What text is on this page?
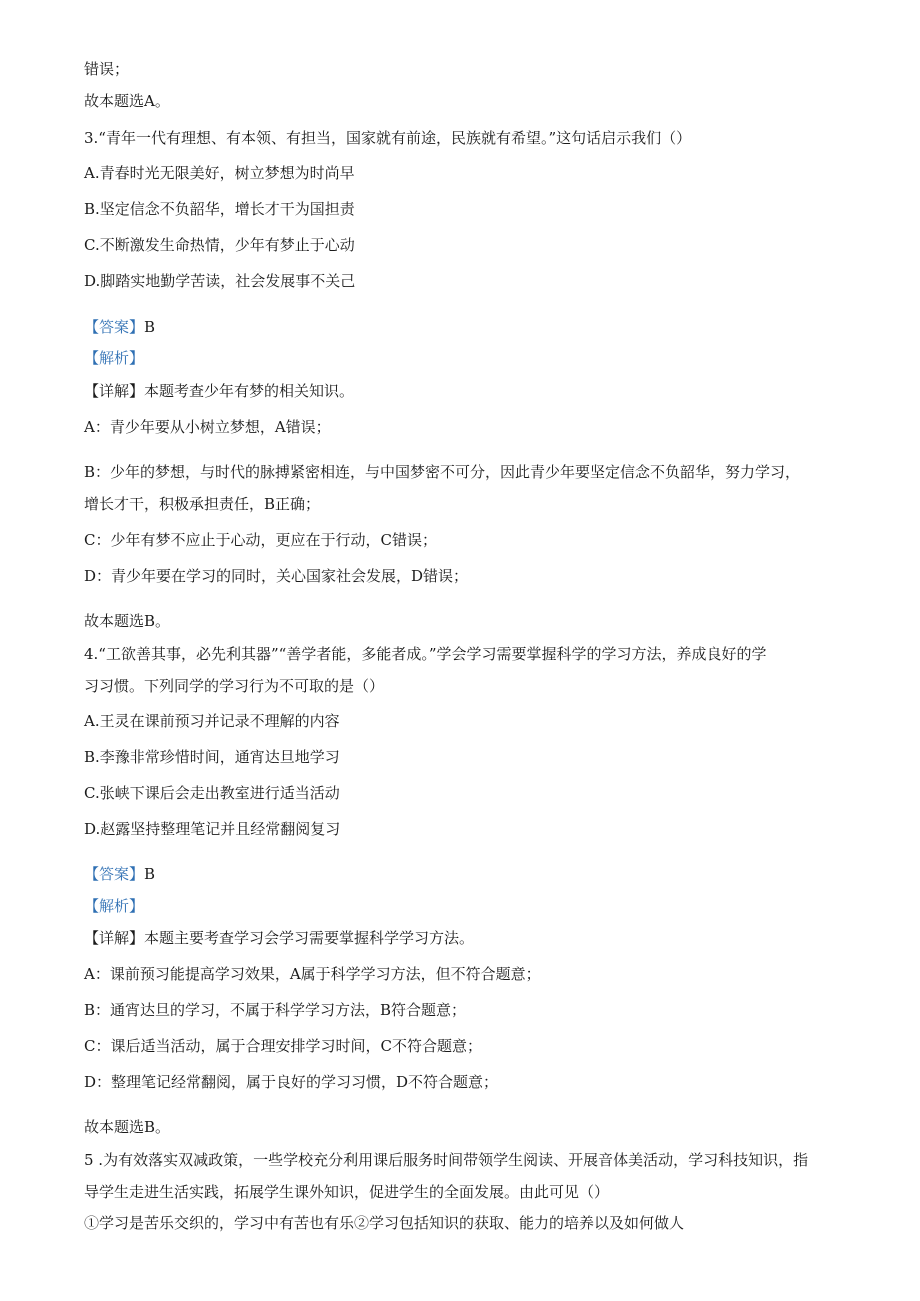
错误；
故本题选A。
3.“青年一代有理想、有本领、有担当，国家就有前途，民族就有希望。”这句话启示我们（）
A.青春时光无限美好，树立梦想为时尚早
B.坚定信念不负韶华，增长才干为国担责
C.不断激发生命热情，少年有梦止于心动
D.脚踏实地勤学苦读，社会发展事不关己
【答案】B
【解析】
【详解】本题考查少年有梦的相关知识。
A：青少年要从小树立梦想，A错误；
B：少年的梦想，与时代的脉搏紧密相连，与中国梦密不可分，因此青少年要坚定信念不负韶华，努力学习，
增长才干，积极承担责任，B正确；
C：少年有梦不应止于心动，更应在于行动，C错误；
D：青少年要在学习的同时，关心国家社会发展，D错误；
故本题选B。
4.“工欲善其事，必先利其器”“善学者能，多能者成。”学会学习需要掌握科学的学习方法，养成良好的学
习习惯。下列同学的学习行为不可取的是（）
A.王灵在课前预习并记录不理解的内容
B.李豫非常珍惜时间，通宵达旦地学习
C.张峡下课后会走出教室进行适当活动
D.赵露坚持整理笔记并且经常翻阅复习
【答案】B
【解析】
【详解】本题主要考查学习会学习需要掌握科学学习方法。
A：课前预习能提高学习效果，A属于科学学习方法，但不符合题意；
B：通宵达旦的学习，不属于科学学习方法，B符合题意；
C：课后适当活动，属于合理安排学习时间，C不符合题意；
D：整理笔记经常翻阅，属于良好的学习习惯，D不符合题意；
故本题选B。
5 .为有效落实双减政策，一些学校充分利用课后服务时间带领学生阅读、开展音体美活动，学习科技知识，指
导学生走进生活实践，拓展学生课外知识，促进学生的全面发展。由此可见（）
①学习是苦乐交织的，学习中有苦也有乐②学习包括知识的获取、能力的培养以及如何做人
